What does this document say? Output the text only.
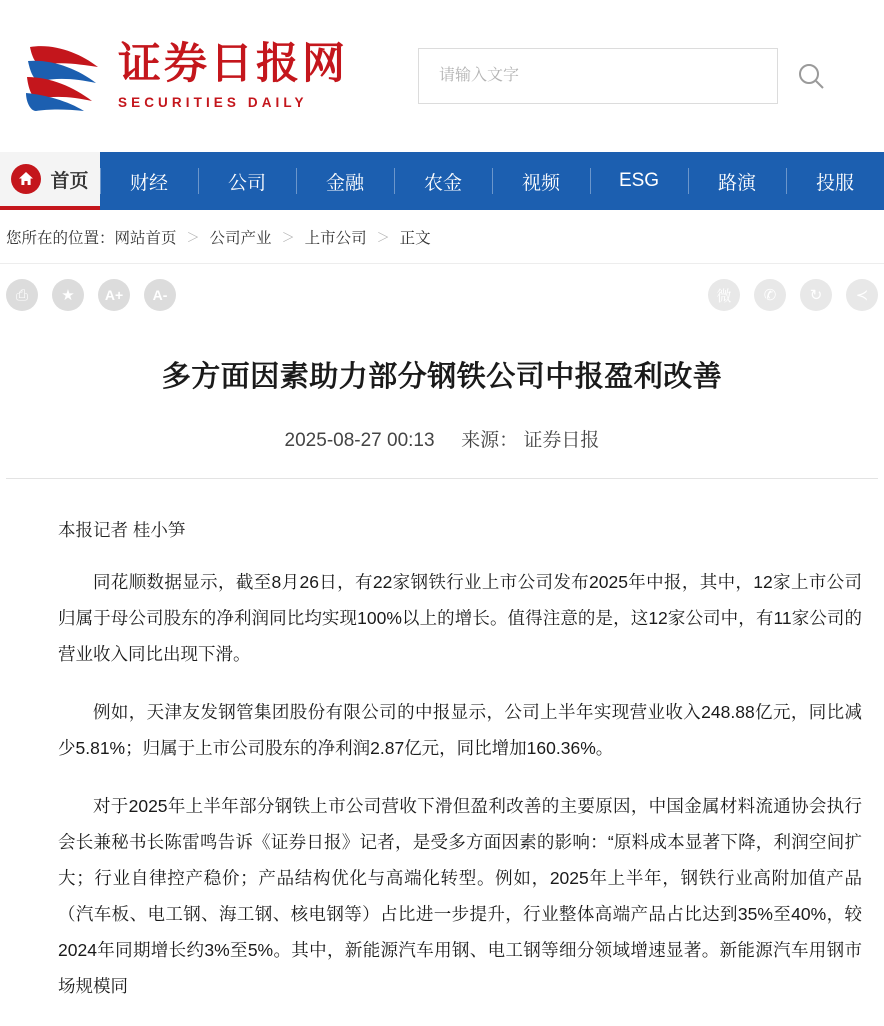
证券日报网
SECURITIES DAILY
请输入文字
首页 财经	公司	金融	农金	视频	ESG	路演	投服
您所在的位置： 网站首页 ＞ 公司产业 ＞ 上市公司 ＞ 正文
⎙ ★ A+ A-	微 ✆ ↻ ≺
多方面因素助力部分钢铁公司中报盈利改善
2025-08-27 00:13 来源： 证券日报
本报记者 桂小笋

同花顺数据显示，截至8月26日，有22家钢铁行业上市公司发布2025年中报，其中，12家上市公司归属于母公司股东的净利润同比均实现100%以上的增长。值得注意的是，这12家公司中，有11家公司的营业收入同比出现下滑。

例如，天津友发钢管集团股份有限公司的中报显示，公司上半年实现营业收入248.88亿元，同比减少5.81%；归属于上市公司股东的净利润2.87亿元，同比增加160.36%。

对于2025年上半年部分钢铁上市公司营收下滑但盈利改善的主要原因，中国金属材料流通协会执行会长兼秘书长陈雷鸣告诉《证券日报》记者，是受多方面因素的影响：“原料成本显著下降，利润空间扩大；行业自律控产稳价；产品结构优化与高端化转型。例如，2025年上半年，钢铁行业高附加值产品（汽车板、电工钢、海工钢、核电钢等）占比进一步提升，行业整体高端产品占比达到35%至40%，较2024年同期增长约3%至5%。其中，新能源汽车用钢、电工钢等细分领域增速显著。新能源汽车用钢市场规模同
